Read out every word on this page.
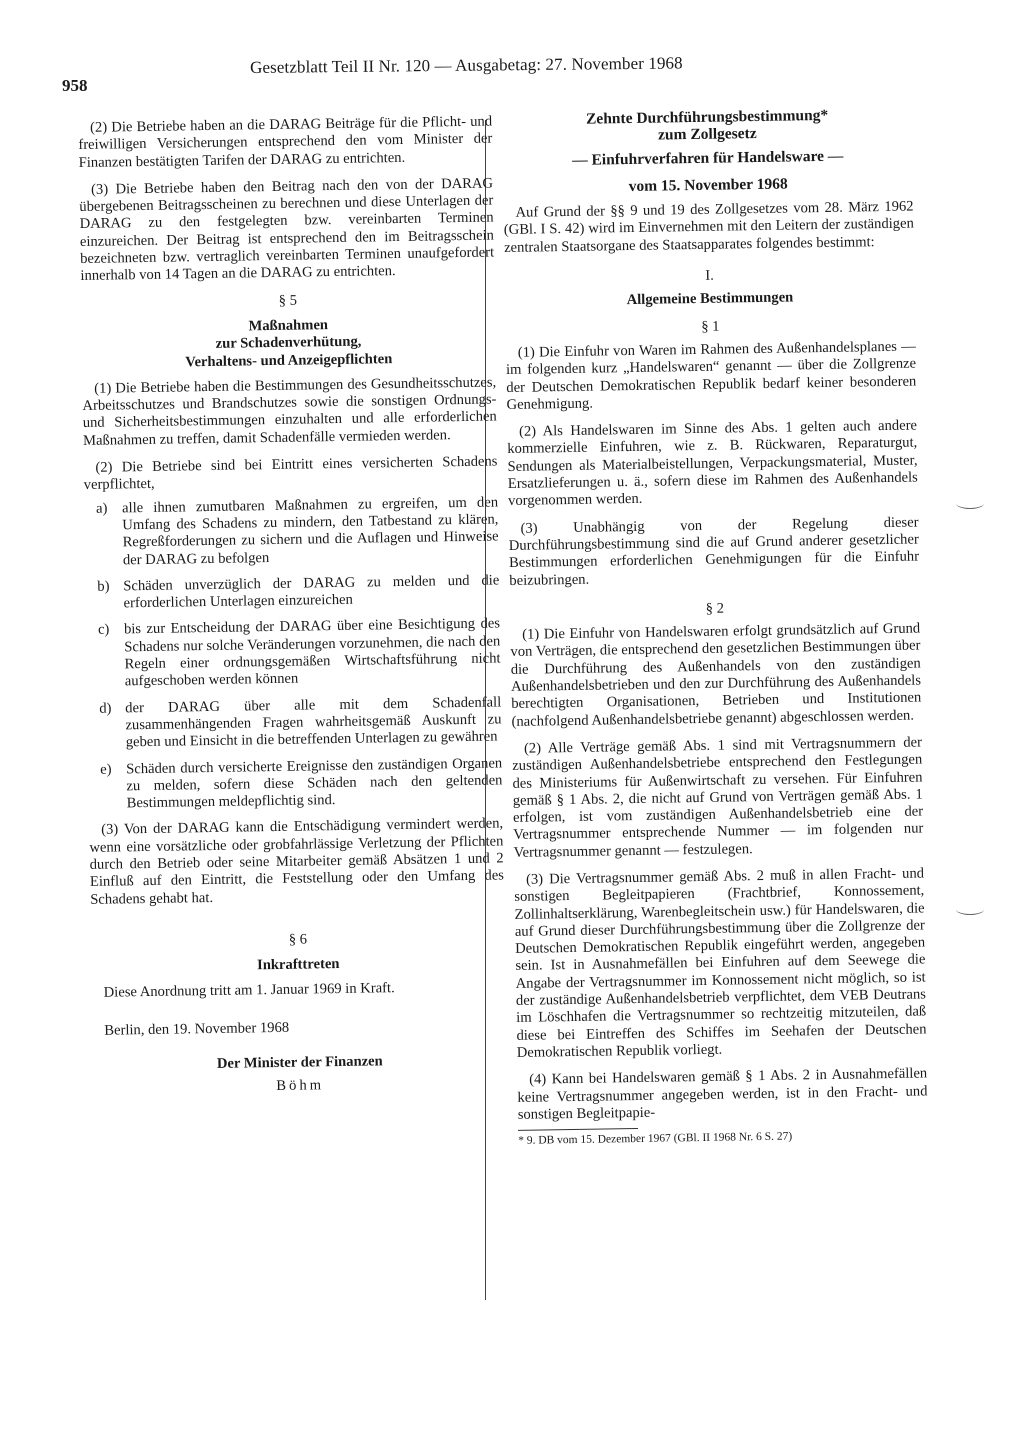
958
Gesetzblatt Teil II Nr. 120 — Ausgabetag: 27. November 1968

(2) Die Betriebe haben an die DARAG Beiträge für die Pflicht- und freiwilligen Versicherungen entsprechend den vom Minister der Finanzen bestätigten Tarifen der DARAG zu entrichten.

(3) Die Betriebe haben den Beitrag nach den von der DARAG übergebenen Beitragsscheinen zu berechnen und diese Unterlagen der DARAG zu den festgelegten bzw. vereinbarten Terminen einzureichen. Der Beitrag ist entsprechend den im Beitragsschein bezeichneten bzw. vertraglich vereinbarten Terminen unaufgefordert innerhalb von 14 Tagen an die DARAG zu entrichten.

§ 5
Maßnahmen
zur Schadenverhütung,
Verhaltens- und Anzeigepflichten

(1) Die Betriebe haben die Bestimmungen des Gesundheitsschutzes, Arbeitsschutzes und Brandschutzes sowie die sonstigen Ordnungs- und Sicherheitsbestimmungen einzuhalten und alle erforderlichen Maßnahmen zu treffen, damit Schadenfälle vermieden werden.

(2) Die Betriebe sind bei Eintritt eines versicherten Schadens verpflichtet,

a) alle ihnen zumutbaren Maßnahmen zu ergreifen, um den Umfang des Schadens zu mindern, den Tatbestand zu klären, Regreßforderungen zu sichern und die Auflagen und Hinweise der DARAG zu befolgen
b) Schäden unverzüglich der DARAG zu melden und die erforderlichen Unterlagen einzureichen
c) bis zur Entscheidung der DARAG über eine Besichtigung des Schadens nur solche Veränderungen vorzunehmen, die nach den Regeln einer ordnungsgemäßen Wirtschaftsführung nicht aufgeschoben werden können
d) der DARAG über alle mit dem Schadenfall zusammenhängenden Fragen wahrheitsgemäß Auskunft zu geben und Einsicht in die betreffenden Unterlagen zu gewähren
e) Schäden durch versicherte Ereignisse den zuständigen Organen zu melden, sofern diese Schäden nach den geltenden Bestimmungen meldepflichtig sind.

(3) Von der DARAG kann die Entschädigung vermindert werden, wenn eine vorsätzliche oder grobfahrlässige Verletzung der Pflichten durch den Betrieb oder seine Mitarbeiter gemäß Absätzen 1 und 2 Einfluß auf den Eintritt, die Feststellung oder den Umfang des Schadens gehabt hat.

§ 6
Inkrafttreten

Diese Anordnung tritt am 1. Januar 1969 in Kraft.

Berlin, den 19. November 1968

Der Minister der Finanzen
Böhm
Zehnte Durchführungsbestimmung*
zum Zollgesetz
— Einfuhrverfahren für Handelsware —
vom 15. November 1968

Auf Grund der §§ 9 und 19 des Zollgesetzes vom 28. März 1962 (GBl. I S. 42) wird im Einvernehmen mit den Leitern der zuständigen zentralen Staatsorgane des Staatsapparates folgendes bestimmt:

I.
Allgemeine Bestimmungen
§ 1

(1) Die Einfuhr von Waren im Rahmen des Außenhandelsplanes — im folgenden kurz „Handelswaren“ genannt — über die Zollgrenze der Deutschen Demokratischen Republik bedarf keiner besonderen Genehmigung.

(2) Als Handelswaren im Sinne des Abs. 1 gelten auch andere kommerzielle Einfuhren, wie z. B. Rückwaren, Reparaturgut, Sendungen als Materialbeistellungen, Verpackungsmaterial, Muster, Ersatzlieferungen u. ä., sofern diese im Rahmen des Außenhandels vorgenommen werden.

(3) Unabhängig von der Regelung dieser Durchführungsbestimmung sind die auf Grund anderer gesetzlicher Bestimmungen erforderlichen Genehmigungen für die Einfuhr beizubringen.

§ 2

(1) Die Einfuhr von Handelswaren erfolgt grundsätzlich auf Grund von Verträgen, die entsprechend den gesetzlichen Bestimmungen über die Durchführung des Außenhandels von den zuständigen Außenhandelsbetrieben und den zur Durchführung des Außenhandels berechtigten Organisationen, Betrieben und Institutionen (nachfolgend Außenhandelsbetriebe genannt) abgeschlossen werden.

(2) Alle Verträge gemäß Abs. 1 sind mit Vertragsnummern der zuständigen Außenhandelsbetriebe entsprechend den Festlegungen des Ministeriums für Außenwirtschaft zu versehen. Für Einfuhren gemäß § 1 Abs. 2, die nicht auf Grund von Verträgen gemäß Abs. 1 erfolgen, ist vom zuständigen Außenhandelsbetrieb eine der Vertragsnummer entsprechende Nummer — im folgenden nur Vertragsnummer genannt — festzulegen.

(3) Die Vertragsnummer gemäß Abs. 2 muß in allen Fracht- und sonstigen Begleitpapieren (Frachtbrief, Konnossement, Zollinhaltserklärung, Warenbegleitschein usw.) für Handelswaren, die auf Grund dieser Durchführungsbestimmung über die Zollgrenze der Deutschen Demokratischen Republik eingeführt werden, angegeben sein. Ist in Ausnahmefällen bei Einfuhren auf dem Seewege die Angabe der Vertragsnummer im Konnossement nicht möglich, so ist der zuständige Außenhandelsbetrieb verpflichtet, dem VEB Deutrans im Löschhafen die Vertragsnummer so rechtzeitig mitzuteilen, daß diese bei Eintreffen des Schiffes im Seehafen der Deutschen Demokratischen Republik vorliegt.

(4) Kann bei Handelswaren gemäß § 1 Abs. 2 in Ausnahmefällen keine Vertragsnummer angegeben werden, ist in den Fracht- und sonstigen Begleitpapie-

* 9. DB vom 15. Dezember 1967 (GBl. II 1968 Nr. 6 S. 27)
